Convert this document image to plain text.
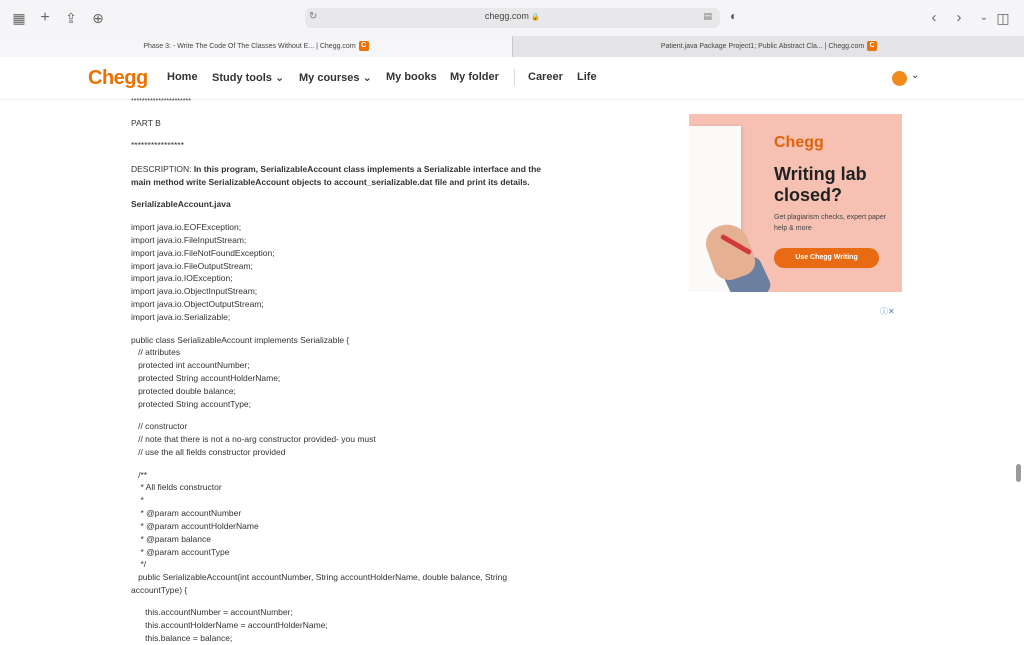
▦ +	⇪ ⊕	↻	chegg.com 🔒	▤ ◐	‹	›	⌄ ◫
Phase 3: - Write The Code Of The Classes Without E... | Chegg.com C	Patient.java Package Project1; Public Abstract Cla... | Chegg.com C
Chegg Home Study tools ⌄ My courses ⌄ My books My folder	Career Life	⌄
**********************
PART B
****************
DESCRIPTION: In this program, SerializableAccount class implements a Serializable interface and the
main method write SerializableAccount objects to account_serializable.dat file and print its details.
SerializableAccount.java
import java.io.EOFException;
import java.io.FileInputStream;
import java.io.FileNotFoundException;
import java.io.FileOutputStream;
import java.io.IOException;
import java.io.ObjectInputStream;
import java.io.ObjectOutputStream;
import java.io.Serializable;
public class SerializableAccount implements Serializable {
// attributes
protected int accountNumber;
protected String accountHolderName;
protected double balance;
protected String accountType;
// constructor
// note that there is not a no-arg constructor provided- you must
// use the all fields constructor provided
/**
* All fields constructor
*
* @param accountNumber
* @param accountHolderName
* @param balance
* @param accountType
*/
public SerializableAccount(int accountNumber, String accountHolderName, double balance, String
accountType) {
this.accountNumber = accountNumber;
this.accountHolderName = accountHolderName;
this.balance = balance;
Chegg
Writing lab closed?
Get plagiarism checks, expert paper help & more
Use Chegg Writing
ⓘ✕
